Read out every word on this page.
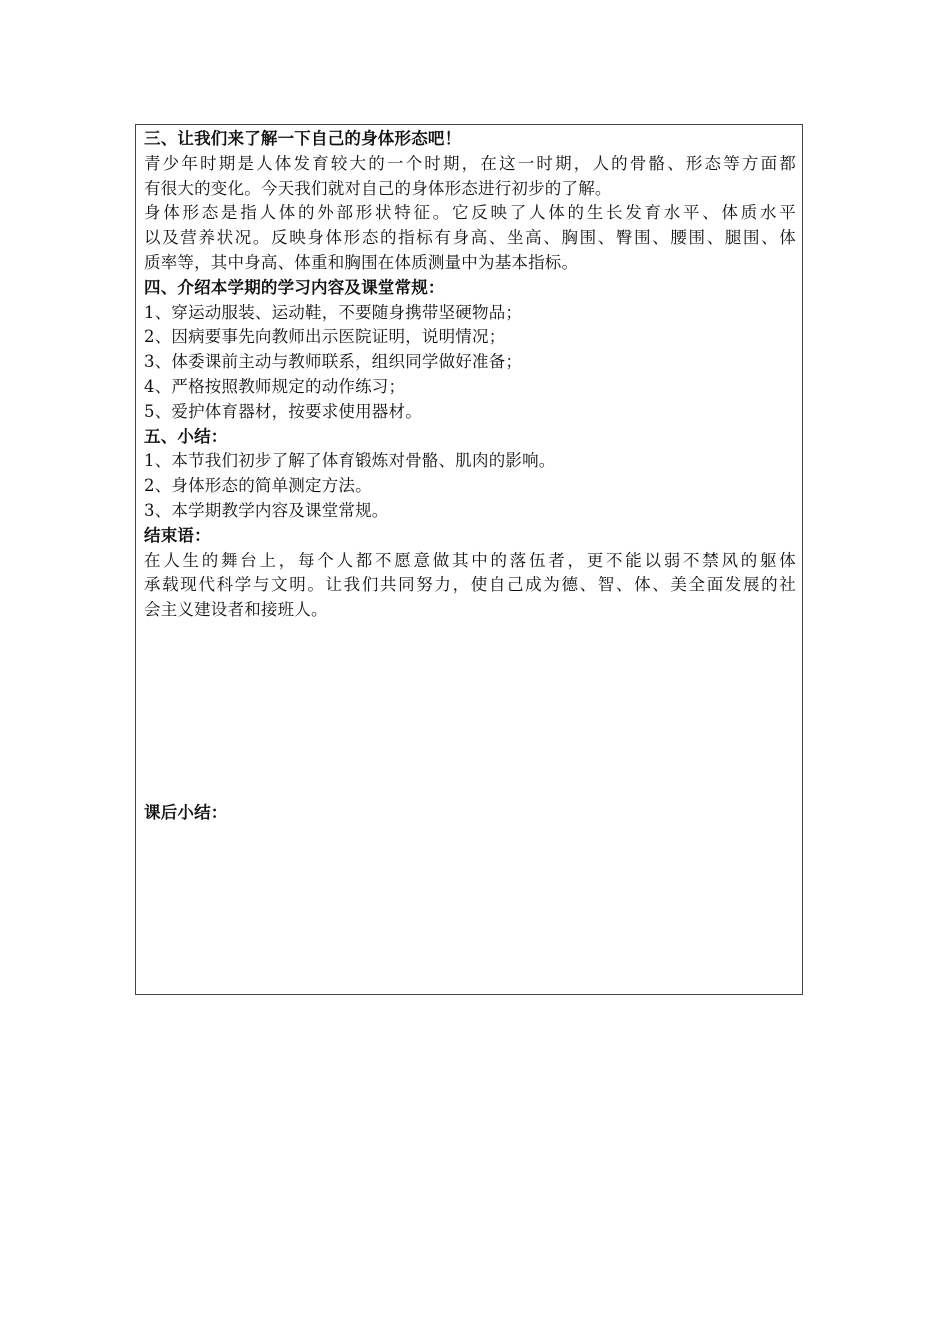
三、让我们来了解一下自己的身体形态吧！
青少年时期是人体发育较大的一个时期，在这一时期，人的骨骼、形态等方面都
有很大的变化。今天我们就对自己的身体形态进行初步的了解。
身体形态是指人体的外部形状特征。它反映了人体的生长发育水平、体质水平
以及营养状况。反映身体形态的指标有身高、坐高、胸围、臀围、腰围、腿围、体
质率等，其中身高、体重和胸围在体质测量中为基本指标。
四、介绍本学期的学习内容及课堂常规：
1、穿运动服装、运动鞋，不要随身携带坚硬物品；
2、因病要事先向教师出示医院证明，说明情况；
3、体委课前主动与教师联系，组织同学做好准备；
4、严格按照教师规定的动作练习；
5、爱护体育器材，按要求使用器材。
五、小结：
1、本节我们初步了解了体育锻炼对骨骼、肌肉的影响。
2、身体形态的简单测定方法。
3、本学期教学内容及课堂常规。
结束语：
在人生的舞台上，每个人都不愿意做其中的落伍者，更不能以弱不禁风的躯体
承载现代科学与文明。让我们共同努力，使自己成为德、智、体、美全面发展的社
会主义建设者和接班人。
课后小结：
